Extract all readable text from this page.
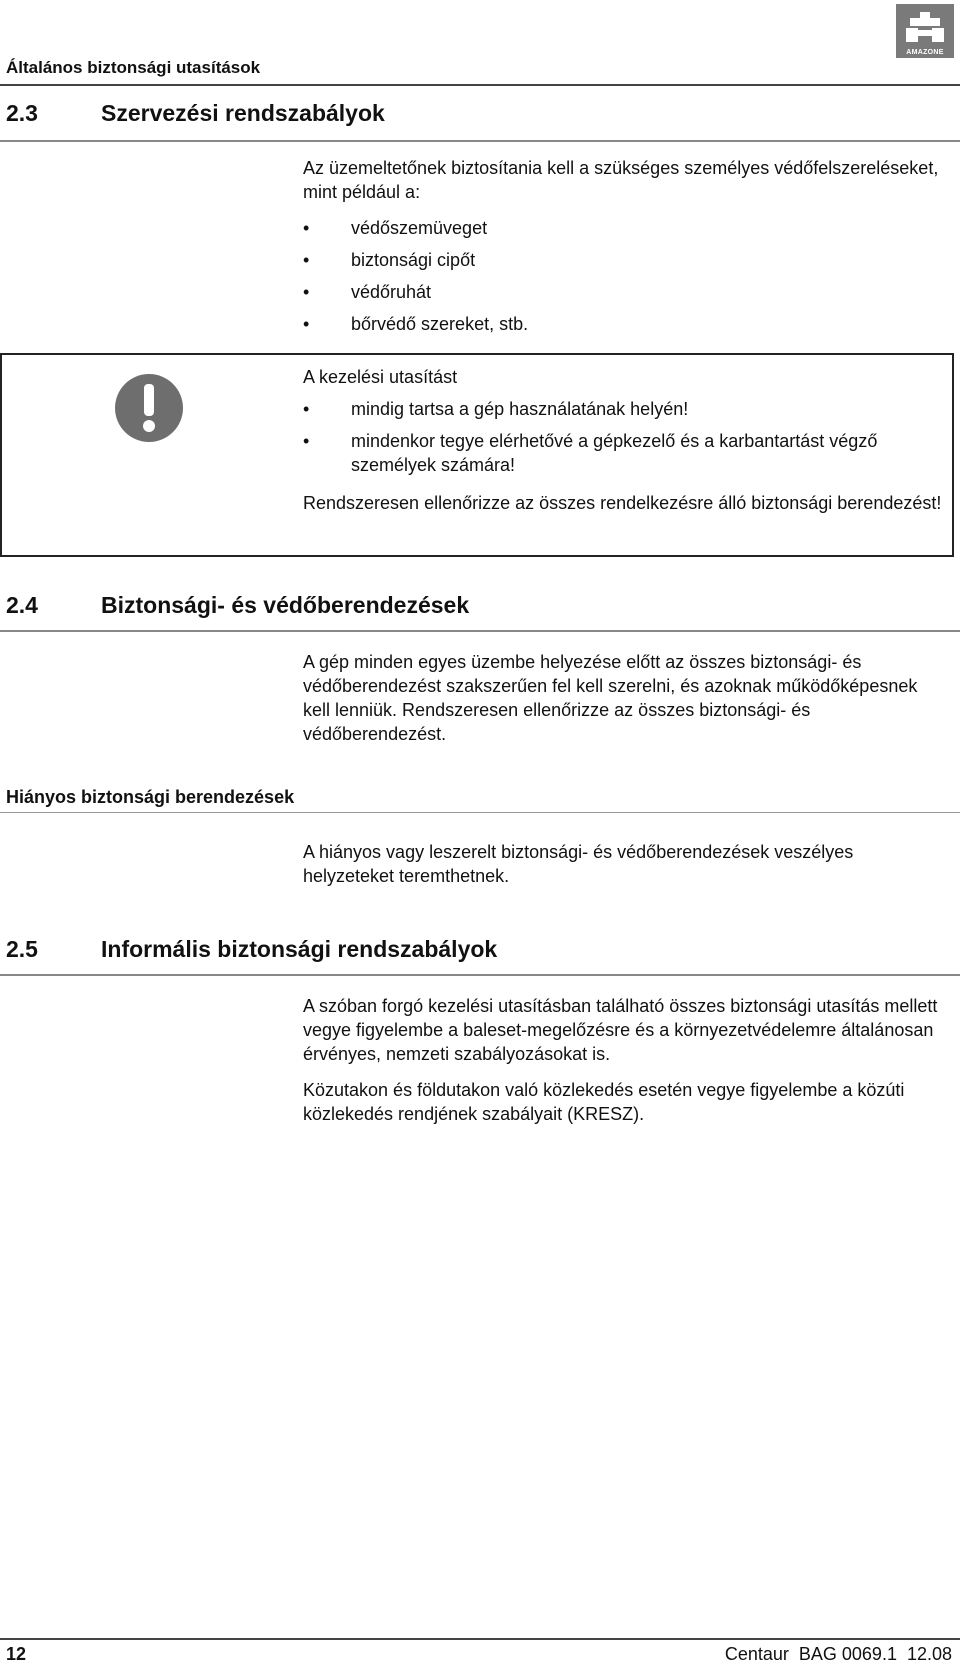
Általános biztonsági utasítások
AMAZONE
2.3	Szervezési rendszabályok

Az üzemeltetőnek biztosítania kell a szükséges személyes védőfelszereléseket, mint például a:

• védőszemüveget
• biztonsági cipőt
• védőruhát
• bőrvédő szereket, stb.

A kezelési utasítást

• mindig tartsa a gép használatának helyén!
• mindenkor tegye elérhetővé a gépkezelő és a karbantartást végző személyek számára!

Rendszeresen ellenőrizze az összes rendelkezésre álló biztonsági berendezést!

2.4	Biztonsági- és védőberendezések
A gép minden egyes üzembe helyezése előtt az összes biztonsági- és védőberendezést szakszerűen fel kell szerelni, és azoknak működőképesnek kell lenniük. Rendszeresen ellenőrizze az összes biztonsági- és védőberendezést.
Hiányos biztonsági berendezések
A hiányos vagy leszerelt biztonsági- és védőberendezések veszélyes helyzeteket teremthetnek.
2.5	Informális biztonsági rendszabályok

A szóban forgó kezelési utasításban található összes biztonsági utasítás mellett vegye figyelembe a baleset-megelőzésre és a környezetvédelemre általánosan érvényes, nemzeti szabályozásokat is.

Közutakon és földutakon való közlekedés esetén vegye figyelembe a közúti közlekedés rendjének szabályait (KRESZ).

12	Centaur  BAG 0069.1  12.08
